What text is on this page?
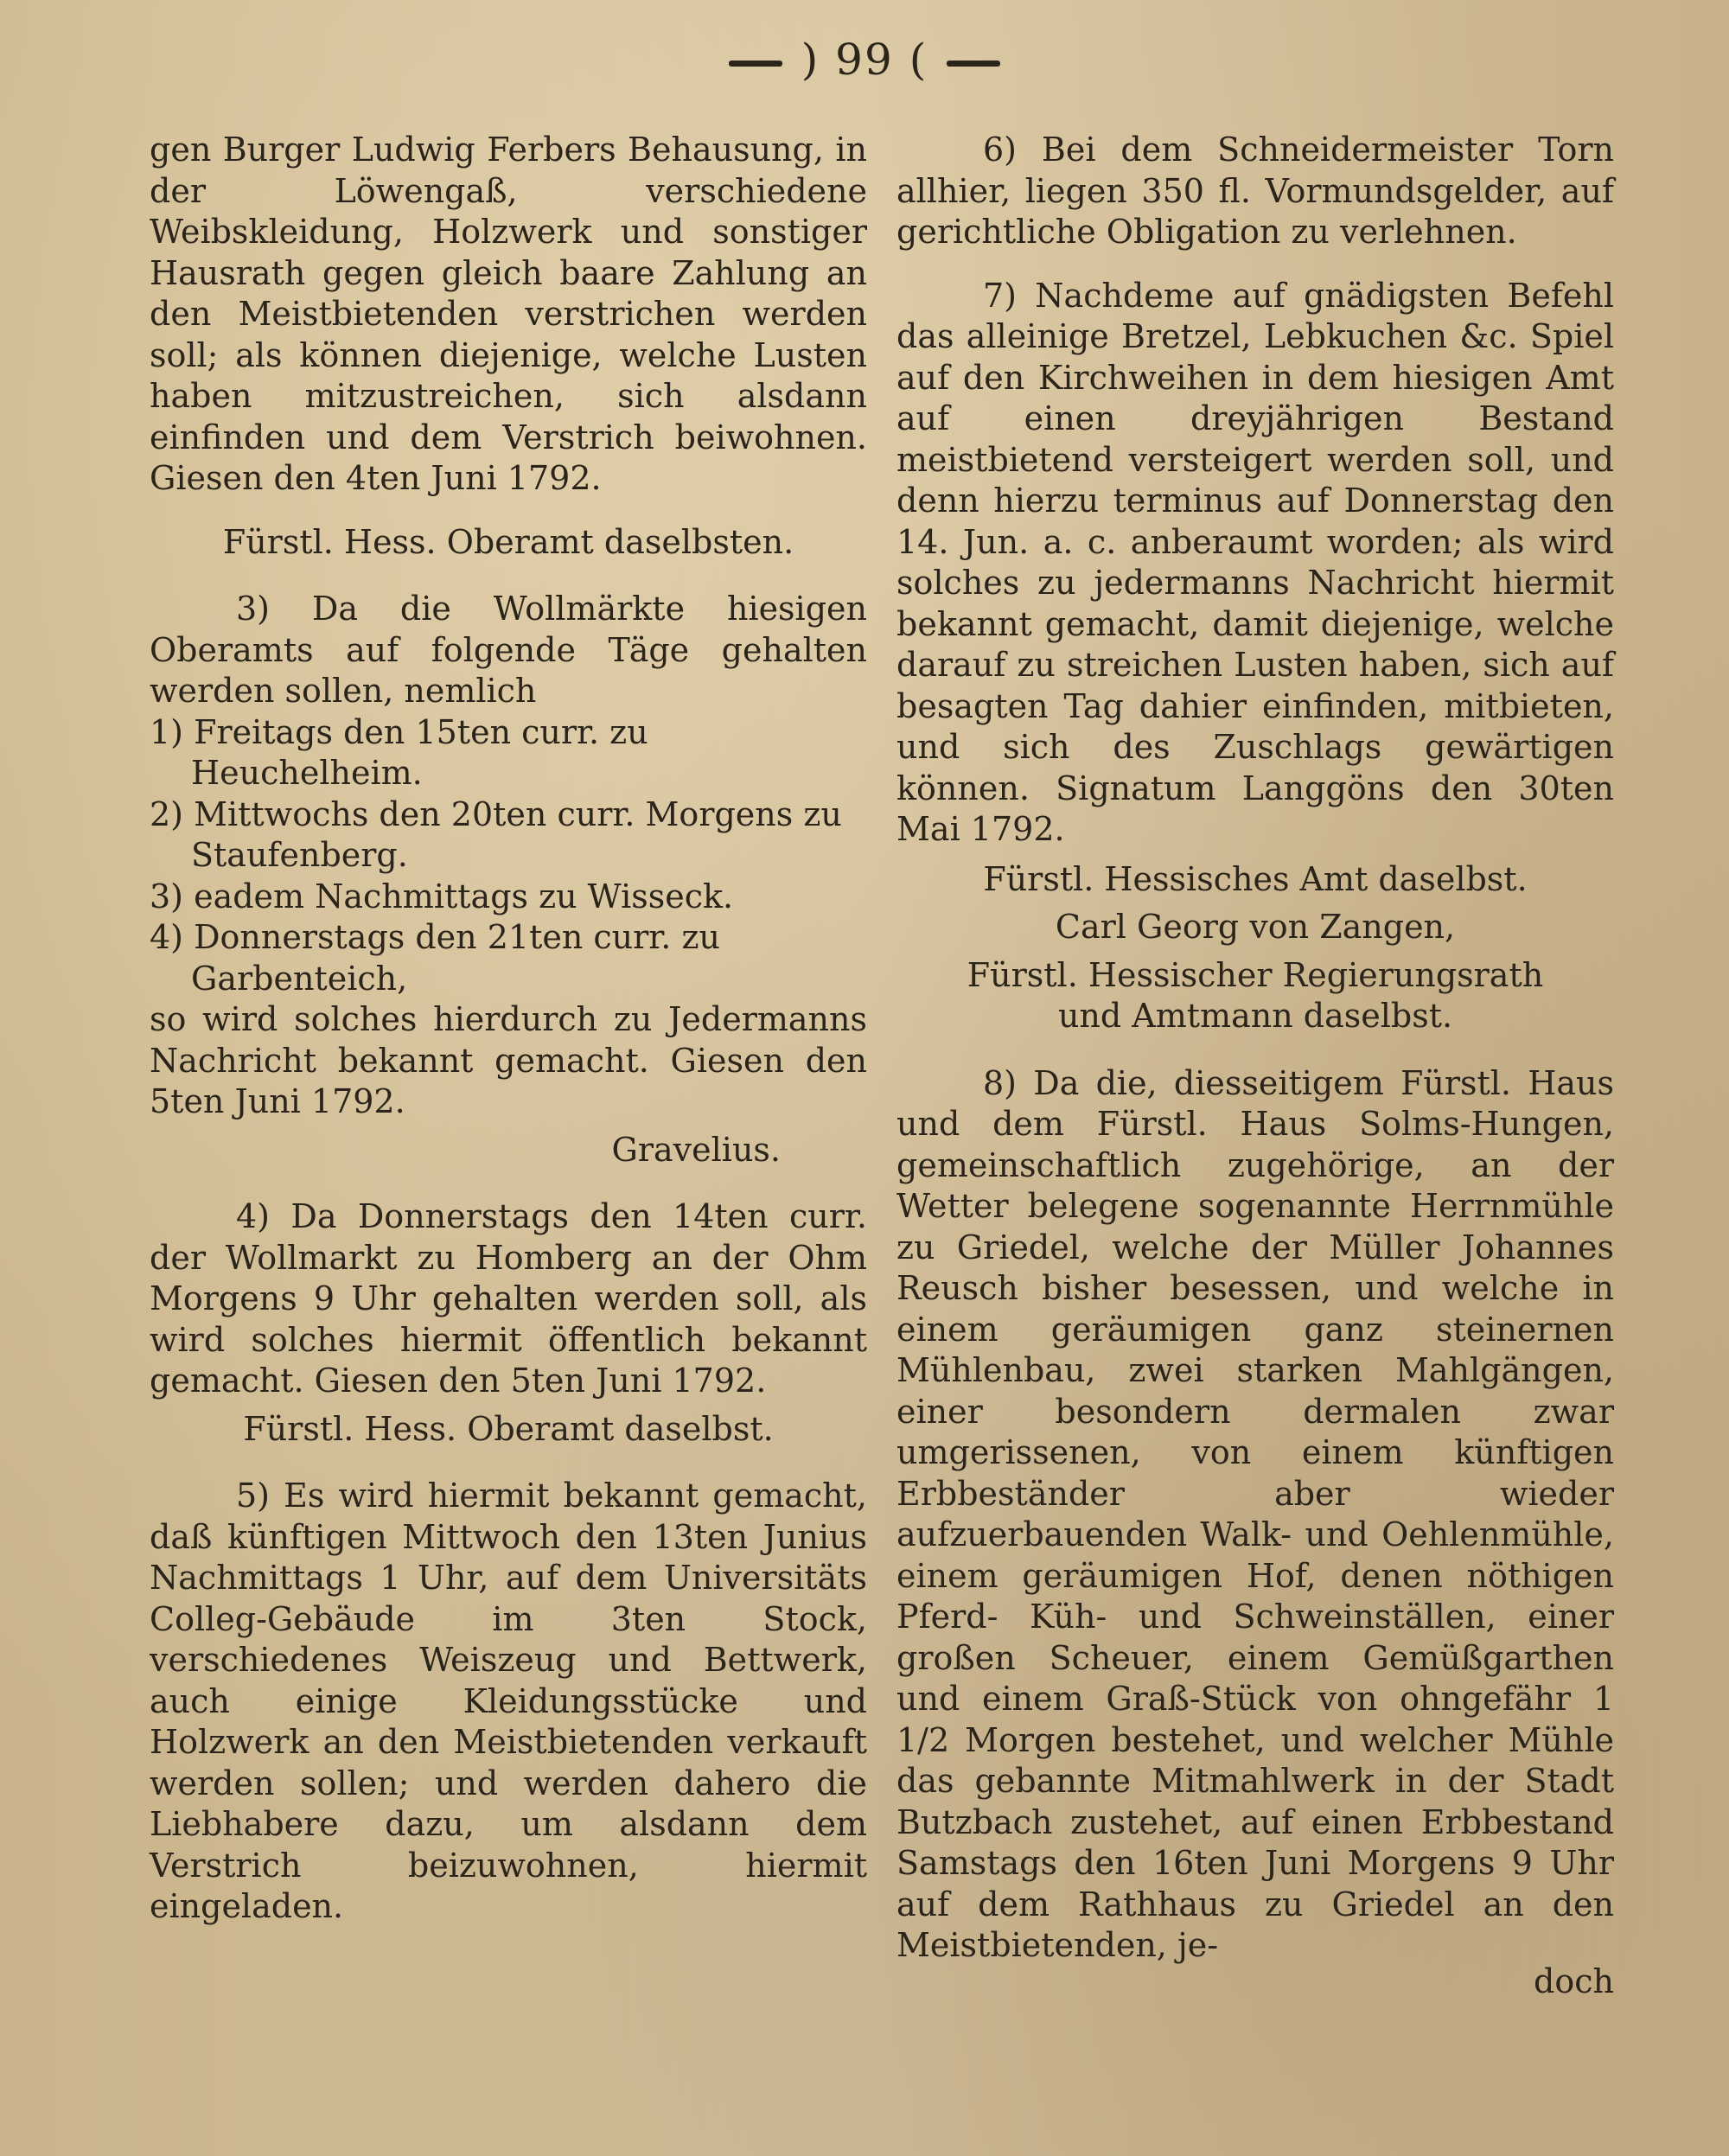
) 99 (

gen Burger Ludwig Ferbers Behausung, in der Löwengaß, verschiedene Weibskleidung, Holzwerk und sonstiger Hausrath gegen gleich baare Zahlung an den Meistbietenden verstrichen werden soll; als können diejenige, welche Lusten haben mitzustreichen, sich alsdann einfinden und dem Verstrich beiwohnen. Giesen den 4ten Juni 1792.

Fürstl. Hess. Oberamt daselbsten.

3) Da die Wollmärkte hiesigen Oberamts auf folgende Täge gehalten werden sollen, nemlich

1) Freitags den 15ten curr. zu Heuchelheim.
2) Mittwochs den 20ten curr. Morgens zu Staufenberg.
3) eadem Nachmittags zu Wisseck.
4) Donnerstags den 21ten curr. zu Garbenteich,

so wird solches hierdurch zu Jedermanns Nachricht bekannt gemacht. Giesen den 5ten Juni 1792.

Gravelius.

4) Da Donnerstags den 14ten curr. der Wollmarkt zu Homberg an der Ohm Morgens 9 Uhr gehalten werden soll, als wird solches hiermit öffentlich bekannt gemacht. Giesen den 5ten Juni 1792.

Fürstl. Hess. Oberamt daselbst.

5) Es wird hiermit bekannt gemacht, daß künftigen Mittwoch den 13ten Junius Nachmittags 1 Uhr, auf dem Universitäts Colleg-Gebäude im 3ten Stock, verschiedenes Weiszeug und Bettwerk, auch einige Kleidungsstücke und Holzwerk an den Meistbietenden verkauft werden sollen; und werden dahero die Liebhabere dazu, um alsdann dem Verstrich beizuwohnen, hiermit eingeladen.

6) Bei dem Schneidermeister Torn allhier, liegen 350 fl. Vormundsgelder, auf gerichtliche Obligation zu verlehnen.

7) Nachdeme auf gnädigsten Befehl das alleinige Bretzel, Lebkuchen &c. Spiel auf den Kirchweihen in dem hiesigen Amt auf einen dreyjährigen Bestand meistbietend versteigert werden soll, und denn hierzu terminus auf Donnerstag den 14. Jun. a. c. anberaumt worden; als wird solches zu jedermanns Nachricht hiermit bekannt gemacht, damit diejenige, welche darauf zu streichen Lusten haben, sich auf besagten Tag dahier einfinden, mitbieten, und sich des Zuschlags gewärtigen können. Signatum Langgöns den 30ten Mai 1792.

Fürstl. Hessisches Amt daselbst.
Carl Georg von Zangen,
Fürstl. Hessischer Regierungsrath und Amtmann daselbst.

8) Da die, diesseitigem Fürstl. Haus und dem Fürstl. Haus Solms-Hungen, gemeinschaftlich zugehörige, an der Wetter belegene sogenannte Herrnmühle zu Griedel, welche der Müller Johannes Reusch bisher besessen, und welche in einem geräumigen ganz steinernen Mühlenbau, zwei starken Mahlgängen, einer besondern dermalen zwar umgerissenen, von einem künftigen Erbbeständer aber wieder aufzuerbauenden Walk- und Oehlenmühle, einem geräumigen Hof, denen nöthigen Pferd- Küh- und Schweinställen, einer großen Scheuer, einem Gemüßgarthen und einem Graß-Stück von ohngefähr 1 1/2 Morgen bestehet, und welcher Mühle das gebannte Mitmahlwerk in der Stadt Butzbach zustehet, auf einen Erbbestand Samstags den 16ten Juni Morgens 9 Uhr auf dem Rathhaus zu Griedel an den Meistbietenden, je-

doch
